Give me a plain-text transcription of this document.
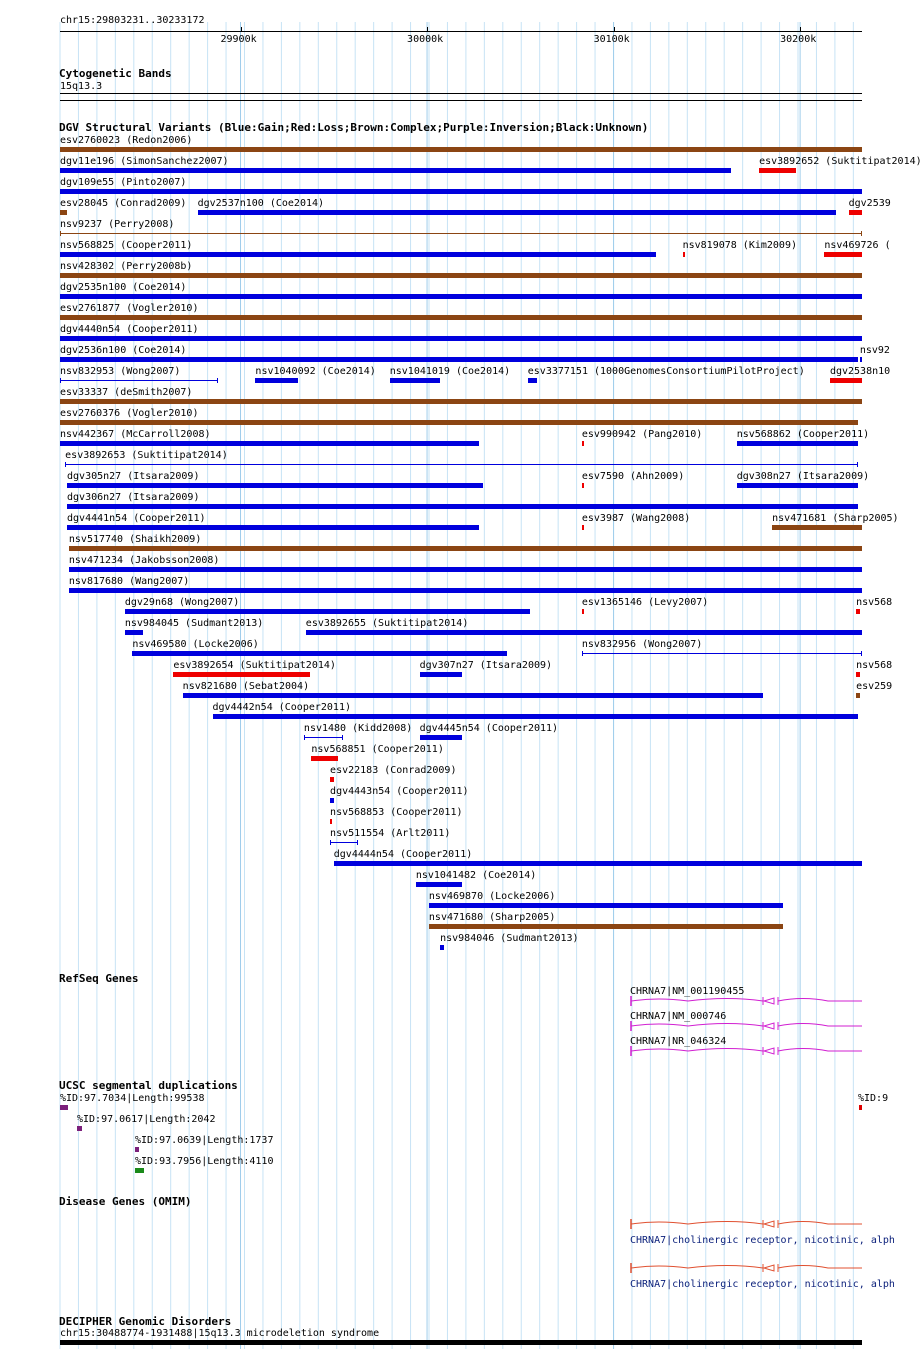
chr15:29803231..30233172
29900k	30000k	30100k	30200k
Cytogenetic Bands
15q13.3
DGV Structural Variants (Blue:Gain;Red:Loss;Brown:Complex;Purple:Inversion;Black:Unknown)
esv2760023 (Redon2006)
dgv11e196 (SimonSanchez2007)	esv3892652 (Suktitipat2014)
dgv109e55 (Pinto2007)
esv28045 (Conrad2009) dgv2537n100 (Coe2014)	dgv2539
nsv9237 (Perry2008)
nsv568825 (Cooper2011)	nsv819078 (Kim2009)	nsv469726 (
nsv428302 (Perry2008b)
dgv2535n100 (Coe2014)
esv2761877 (Vogler2010)
dgv4440n54 (Cooper2011)
dgv2536n100 (Coe2014)	nsv92
nsv832953 (Wong2007)	nsv1040092 (Coe2014) nsv1041019 (Coe2014) esv3377151 (1000GenomesConsortiumPilotProject)	dgv2538n10
esv33337 (deSmith2007)
esv2760376 (Vogler2010)
nsv442367 (McCarroll2008)	esv990942 (Pang2010)	nsv568862 (Cooper2011)
esv3892653 (Suktitipat2014)
dgv305n27 (Itsara2009)	esv7590 (Ahn2009)	dgv308n27 (Itsara2009)
dgv306n27 (Itsara2009)
dgv4441n54 (Cooper2011)	esv3987 (Wang2008)	nsv471681 (Sharp2005)
nsv517740 (Shaikh2009)
nsv471234 (Jakobsson2008)
nsv817680 (Wang2007)
dgv29n68 (Wong2007)	esv1365146 (Levy2007)	nsv568
nsv984045 (Sudmant2013)	esv3892655 (Suktitipat2014)
nsv469580 (Locke2006)	nsv832956 (Wong2007)
esv3892654 (Suktitipat2014)	dgv307n27 (Itsara2009)	nsv568
nsv821680 (Sebat2004)	esv259
dgv4442n54 (Cooper2011)
nsv1480 (Kidd2008) dgv4445n54 (Cooper2011)
nsv568851 (Cooper2011)
esv22183 (Conrad2009)
dgv4443n54 (Cooper2011)
nsv568853 (Cooper2011)
nsv511554 (Arlt2011)
dgv4444n54 (Cooper2011)
nsv1041482 (Coe2014)
nsv469870 (Locke2006)
nsv471680 (Sharp2005)
nsv984046 (Sudmant2013)
RefSeq Genes
CHRNA7|NM_001190455
CHRNA7|NM_000746
CHRNA7|NR_046324
UCSC segmental duplications
%ID:97.7034|Length:99538	%ID:9
%ID:97.0617|Length:2042
%ID:97.0639|Length:1737
%ID:93.7956|Length:4110
Disease Genes (OMIM)
CHRNA7|cholinergic receptor, nicotinic, alph
CHRNA7|cholinergic receptor, nicotinic, alph
DECIPHER Genomic Disorders
chr15:30488774-1931488|15q13.3 microdeletion syndrome
